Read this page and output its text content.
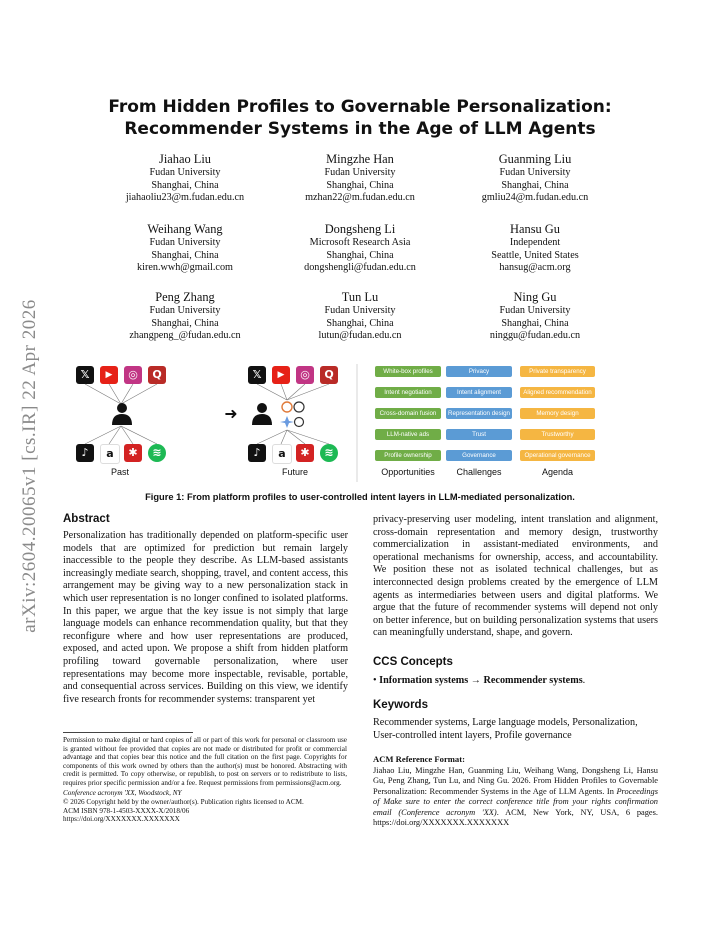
arXiv:2604.20065v1 [cs.IR] 22 Apr 2026
From Hidden Profiles to Governable Personalization:
Recommender Systems in the Age of LLM Agents
Jiahao Liu
Fudan University
Shanghai, China
jiahaoliu23@m.fudan.edu.cn
Mingzhe Han
Fudan University
Shanghai, China
mzhan22@m.fudan.edu.cn
Guanming Liu
Fudan University
Shanghai, China
gmliu24@m.fudan.edu.cn
Weihang Wang
Fudan University
Shanghai, China
kiren.wwh@gmail.com
Dongsheng Li
Microsoft Research Asia
Shanghai, China
dongshengli@fudan.edu.cn
Hansu Gu
Independent
Seattle, United States
hansug@acm.org
Peng Zhang
Fudan University
Shanghai, China
zhangpeng_@fudan.edu.cn
Tun Lu
Fudan University
Shanghai, China
lutun@fudan.edu.cn
Ning Gu
Fudan University
Shanghai, China
ninggu@fudan.edu.cn
𝕏	▶	◎	Q
♪	a	✱	≋
Past
➜
𝕏	▶	◎	Q
♪	a	✱	≋
Future
White-box profiles	Privacy	Private transparency
Intent negotiation	Intent alignment	Aligned recommendation
Cross-domain fusion	Representation design	Memory design
LLM-native ads	Trust	Trustworthy
Profile ownership	Governance	Operational governance
Opportunities	Challenges	Agenda
Figure 1: From platform profiles to user-controlled intent layers in LLM-mediated personalization.
Abstract

Personalization has traditionally depended on platform-specific user models that are optimized for prediction but remain largely inaccessible to the people they describe. As LLM-based assistants increasingly mediate search, shopping, travel, and content access, this arrangement may be giving way to a new personalization stack in which user representation is no longer confined to isolated platforms. In this paper, we argue that the key issue is not simply that large language models can enhance recommendation quality, but that they reconfigure where and how user representations are produced, exposed, and acted upon. We propose a shift from hidden platform profiling toward governable personalization, where user representations may become more inspectable, revisable, portable, and consequential across services. Building on this view, we identify five research fronts for recommender systems: transparent yet

Permission to make digital or hard copies of all or part of this work for personal or classroom use is granted without fee provided that copies are not made or distributed for profit or commercial advantage and that copies bear this notice and the full citation on the first page. Copyrights for components of this work owned by others than the author(s) must be honored. Abstracting with credit is permitted. To copy otherwise, or republish, to post on servers or to redistribute to lists, requires prior specific permission and/or a fee. Request permissions from permissions@acm.org.

Conference acronym 'XX, Woodstock, NY

© 2026 Copyright held by the owner/author(s). Publication rights licensed to ACM.

ACM ISBN 978-1-4503-XXXX-X/2018/06

https://doi.org/XXXXXXX.XXXXXXX

privacy-preserving user modeling, intent translation and alignment, cross-domain representation and memory design, trustworthy commercialization in assistant-mediated environments, and operational mechanisms for ownership, access, and accountability. We position these not as isolated technical challenges, but as interconnected design problems created by the emergence of LLM agents as intermediaries between users and digital platforms. We argue that the future of recommender systems will depend not only on better inference, but on building personalization systems that users can meaningfully understand, shape, and govern.

CCS Concepts
• Information systems → Recommender systems.
Keywords
Recommender systems, Large language models, Personalization, User-controlled intent layers, Profile governance
ACM Reference Format:
Jiahao Liu, Mingzhe Han, Guanming Liu, Weihang Wang, Dongsheng Li, Hansu Gu, Peng Zhang, Tun Lu, and Ning Gu. 2026. From Hidden Profiles to Governable Personalization: Recommender Systems in the Age of LLM Agents. In Proceedings of Make sure to enter the correct conference title from your rights confirmation email (Conference acronym 'XX). ACM, New York, NY, USA, 6 pages. https://doi.org/XXXXXXX.XXXXXXX
